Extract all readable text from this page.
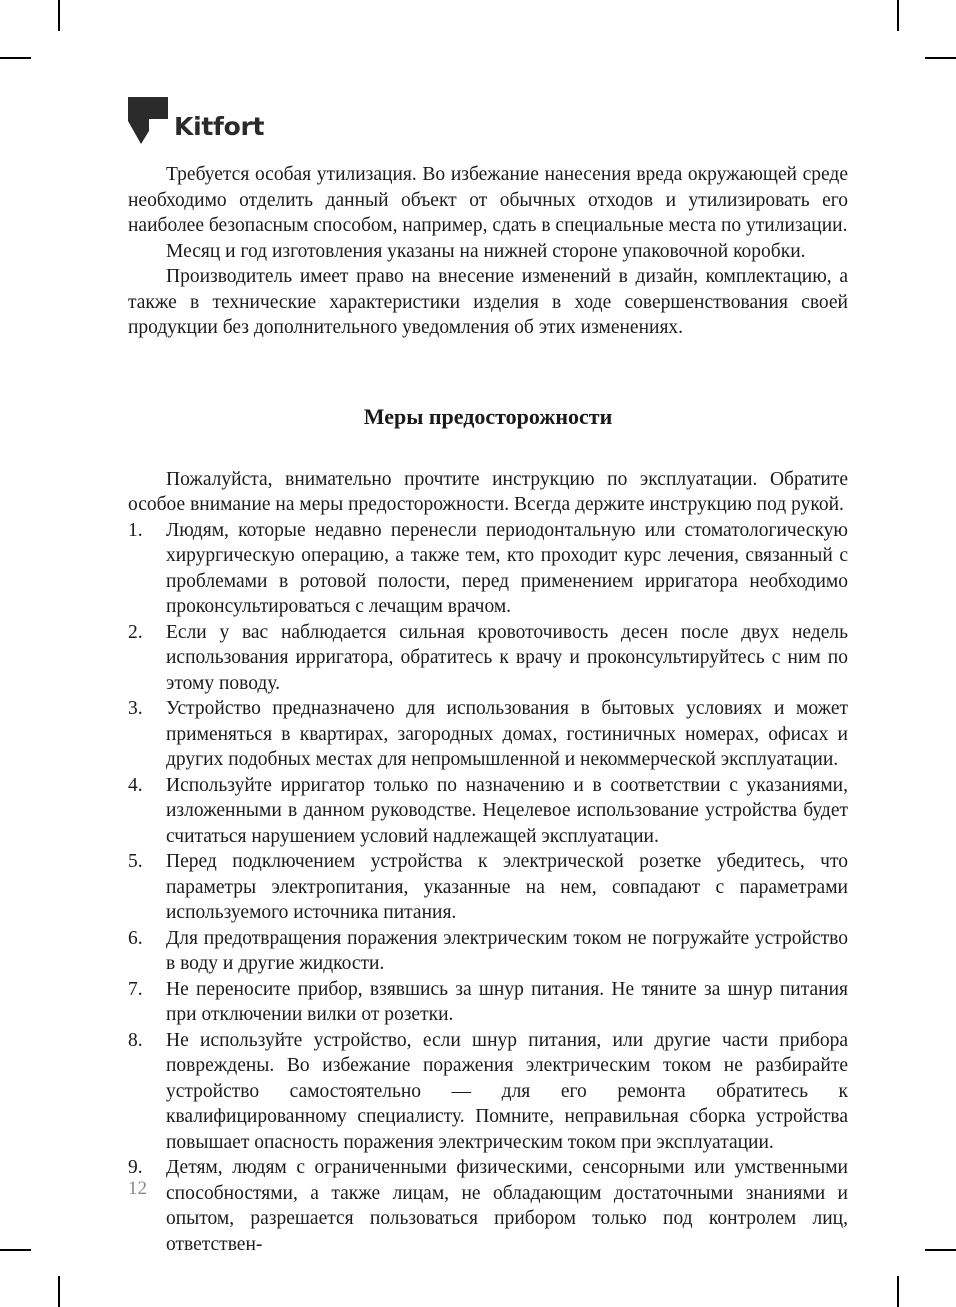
Kitfort

Требуется особая утилизация. Во избежание нанесения вреда окружающей среде необходимо отделить данный объект от обычных отходов и утилизировать его наиболее безопасным способом, например, сдать в специальные места по утилизации.

Месяц и год изготовления указаны на нижней стороне упаковочной коробки.

Производитель имеет право на внесение изменений в дизайн, комплектацию, а также в технические характеристики изделия в ходе совершенствования своей продукции без дополнительного уведомления об этих изменениях.

Меры предосторожности

Пожалуйста, внимательно прочтите инструкцию по эксплуатации. Обратите особое внимание на меры предосторожности. Всегда держите инструкцию под рукой.

Людям, которые недавно перенесли периодонтальную или стоматологическую хирургическую операцию, а также тем, кто проходит курс лечения, связанный с проблемами в ротовой полости, перед применением ирригатора необходимо проконсультироваться с лечащим врачом.
Если у вас наблюдается сильная кровоточивость десен после двух недель использования ирригатора, обратитесь к врачу и проконсультируйтесь с ним по этому поводу.
Устройство предназначено для использования в бытовых условиях и может применяться в квартирах, загородных домах, гостиничных номерах, офисах и других подобных местах для непромышленной и некоммерческой эксплуатации.
Используйте ирригатор только по назначению и в соответствии с указаниями, изложенными в данном руководстве. Нецелевое использование устройства будет считаться нарушением условий надлежащей эксплуатации.
Перед подключением устройства к электрической розетке убедитесь, что параметры электропитания, указанные на нем, совпадают с параметрами используемого источника питания.
Для предотвращения поражения электрическим током не погружайте устройство в воду и другие жидкости.
Не переносите прибор, взявшись за шнур питания. Не тяните за шнур питания при отключении вилки от розетки.
Не используйте устройство, если шнур питания, или другие части прибора повреждены. Во избежание поражения электрическим током не разбирайте устройство самостоятельно — для его ремонта обратитесь к квалифицированному специалисту. Помните, неправильная сборка устройства повышает опасность поражения электрическим током при эксплуатации.
Детям, людям с ограниченными физическими, сенсорными или умственными способностями, а также лицам, не обладающим достаточными знаниями и опытом, разрешается пользоваться прибором только под контролем лиц, ответствен-
12
